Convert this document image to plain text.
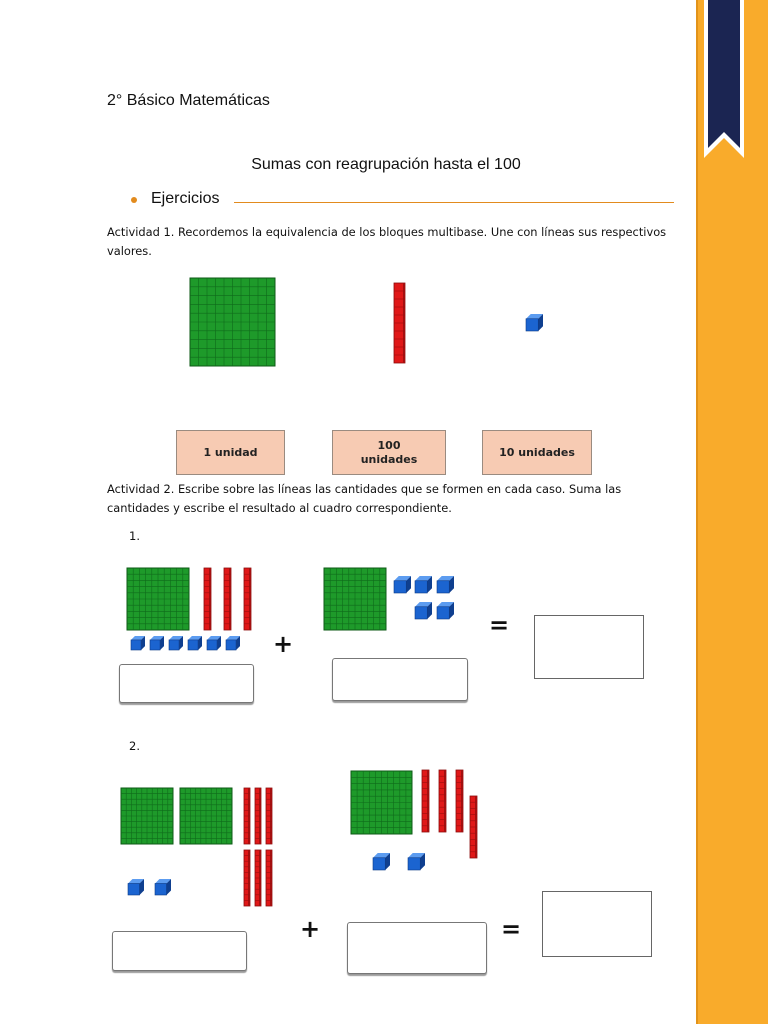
2° Básico Matemáticas
Sumas con reagrupación hasta el 100
Ejercicios
Actividad 1. Recordemos la equivalencia de los bloques multibase. Une con líneas sus respectivos valores.
1 unidad
100 unidades
10 unidades
Actividad 2. Escribe sobre las líneas las cantidades que se formen en cada caso. Suma las cantidades y escribe el resultado al cuadro correspondiente.
1.
+
=
2.
+	=
